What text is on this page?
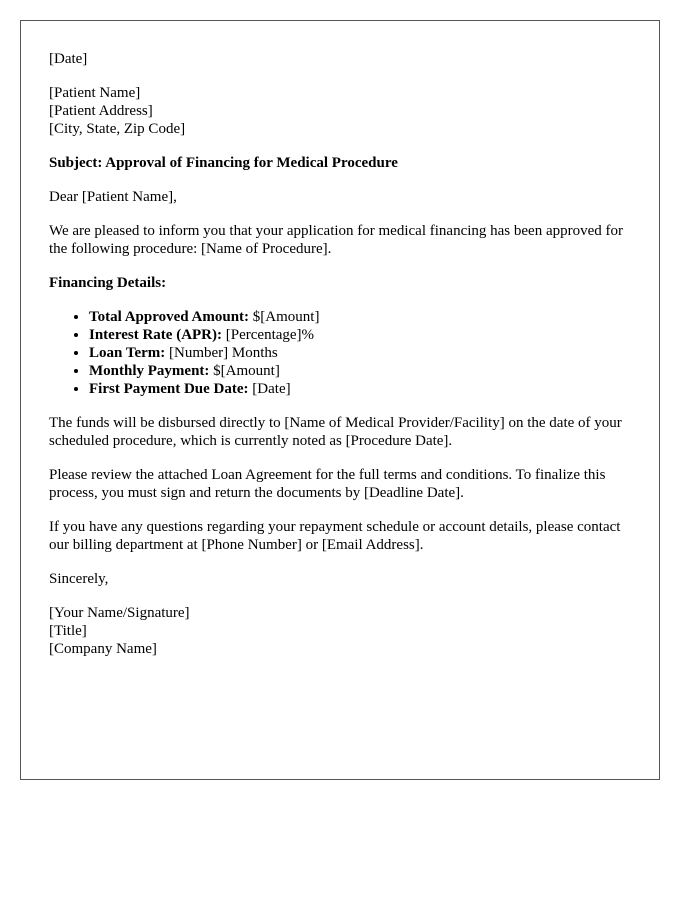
[Date]
[Patient Name]
[Patient Address]
[City, State, Zip Code]
Subject: Approval of Financing for Medical Procedure

Dear [Patient Name],

We are pleased to inform you that your application for medical financing has been approved for the following procedure: [Name of Procedure].

Financing Details:
• Total Approved Amount: $[Amount]
• Interest Rate (APR): [Percentage]%
• Loan Term: [Number] Months
• Monthly Payment: $[Amount]
• First Payment Due Date: [Date]

The funds will be disbursed directly to [Name of Medical Provider/Facility] on the date of your scheduled procedure, which is currently noted as [Procedure Date].

Please review the attached Loan Agreement for the full terms and conditions. To finalize this process, you must sign and return the documents by [Deadline Date].

If you have any questions regarding your repayment schedule or account details, please contact our billing department at [Phone Number] or [Email Address].

Sincerely,

[Your Name/Signature]
[Title]
[Company Name]
